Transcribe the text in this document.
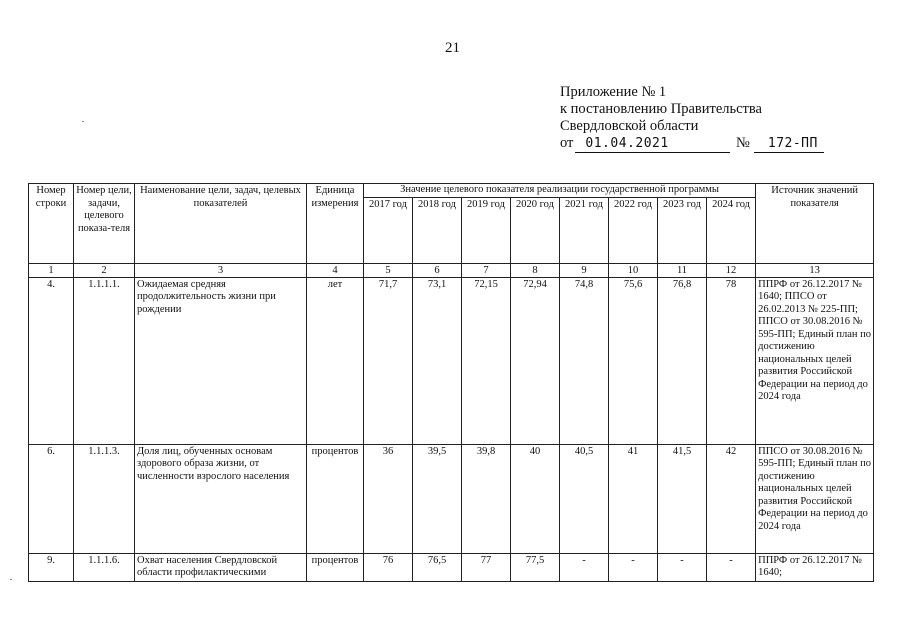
21
Приложение № 1
к постановлению Правительства
Свердловской области
от 01.04.2021	№ 172-ПП
Номер строки	Номер цели, задачи, целевого показа-теля	Наименование цели, задач, целевых показателей	Единица измерения	Значение целевого показателя реализации государственной программы								Источник значений показателя
				2017 год	2018 год	2019 год	2020 год	2021 год	2022 год	2023 год	2024 год	
1	2	3	4	5	6	7	8	9	10	11	12	13
4.	1.1.1.1.	Ожидаемая средняя продолжительность жизни при рождении	лет	71,7	73,1	72,15	72,94	74,8	75,6	76,8	78	ППРФ от 26.12.2017 № 1640; ППСО от 26.02.2013 № 225-ПП; ППСО от 30.08.2016 № 595-ПП; Единый план по достижению национальных целей развития Российской Федерации на период до 2024 года
6.	1.1.1.3.	Доля лиц, обученных основам здорового образа жизни, от численности взрослого населения	процентов	36	39,5	39,8	40	40,5	41	41,5	42	ППСО от 30.08.2016 № 595-ПП; Единый план по достижению национальных целей развития Российской Федерации на период до 2024 года
9.	1.1.1.6.	Охват населения Свердловской области профилактическими	процентов	76	76,5	77	77,5	-	-	-	-	ППРФ от 26.12.2017 № 1640;
